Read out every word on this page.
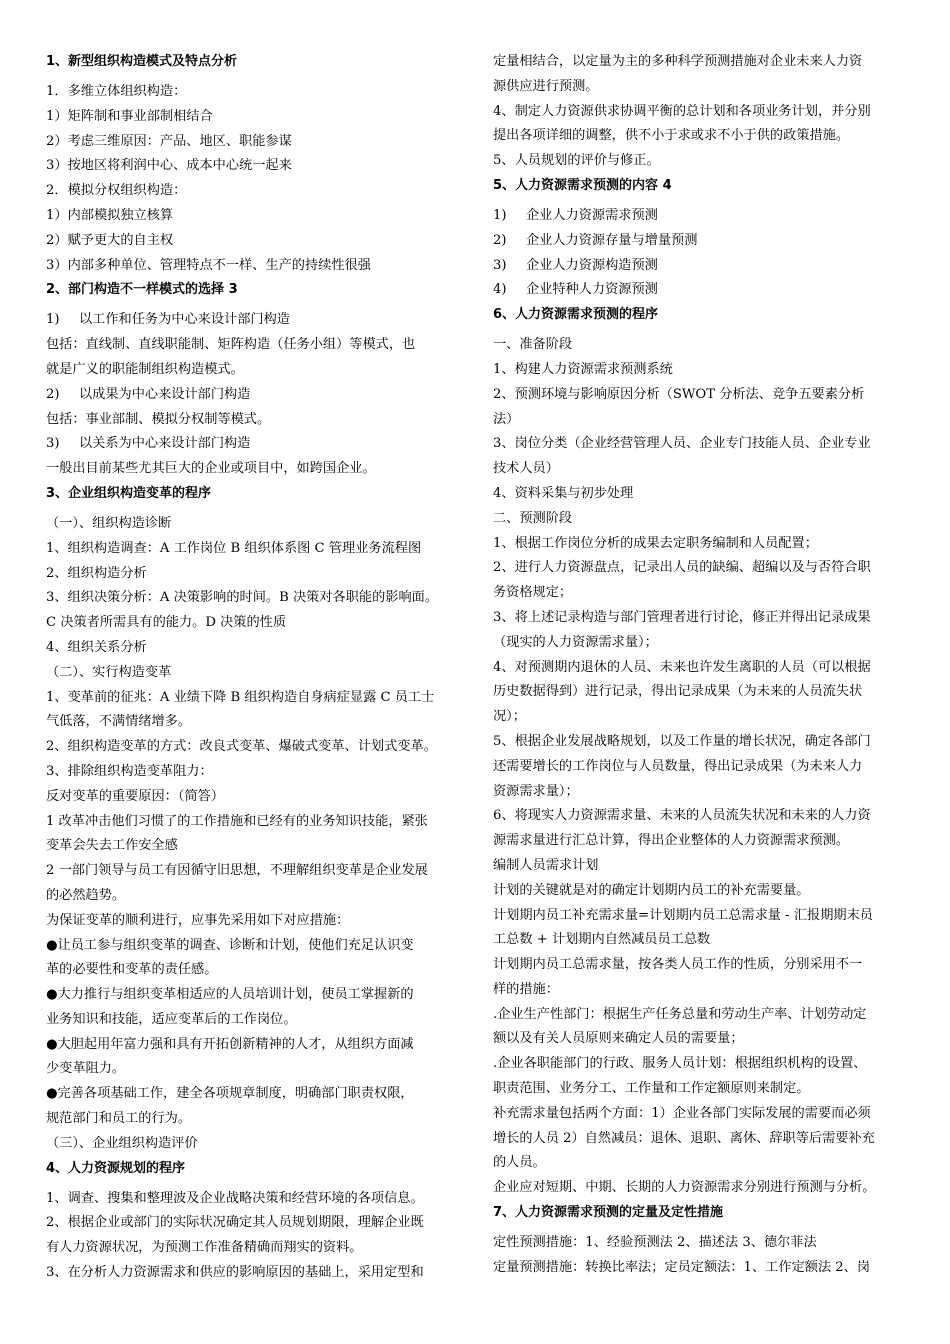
1、新型组织构造模式及特点分析
1．多维立体组织构造：
1）矩阵制和事业部制相结合
2）考虑三维原因：产品、地区、职能参谋
3）按地区将利润中心、成本中心统一起来
2．模拟分权组织构造：
1）内部模拟独立核算
2）赋予更大的自主权
3）内部多种单位、管理特点不一样、生产的持续性很强
2、部门构造不一样模式的选择 3
1)	以工作和任务为中心来设计部门构造
包括：直线制、直线职能制、矩阵构造（任务小组）等模式，也
就是广义的职能制组织构造模式。
2)	以成果为中心来设计部门构造
包括：事业部制、模拟分权制等模式。
3)	以关系为中心来设计部门构造
一般出目前某些尤其巨大的企业或项目中，如跨国企业。
3、企业组织构造变革的程序
（一）、组织构造诊断
1、组织构造调查：A 工作岗位 B 组织体系图 C 管理业务流程图
2、组织构造分析
3、组织决策分析：A 决策影响的时间。B 决策对各职能的影响面。
C 决策者所需具有的能力。D 决策的性质
4、组织关系分析
（二）、实行构造变革
1、变革前的征兆：A 业绩下降 B 组织构造自身病症显露 C 员工士
气低落，不满情绪增多。
2、组织构造变革的方式：改良式变革、爆破式变革、计划式变革。
3、排除组织构造变革阻力：
反对变革的重要原因：（简答）
1 改革冲击他们习惯了的工作措施和已经有的业务知识技能，紧张
变革会失去工作安全感
2 一部门领导与员工有因循守旧思想，不理解组织变革是企业发展
的必然趋势。
为保证变革的顺利进行，应事先采用如下对应措施：
●让员工参与组织变革的调查、诊断和计划，使他们充足认识变
革的必要性和变革的责任感。
●大力推行与组织变革相适应的人员培训计划，使员工掌握新的
业务知识和技能，适应变革后的工作岗位。
●大胆起用年富力强和具有开拓创新精神的人才，从组织方面减
少变革阻力。
●完善各项基础工作，建全各项规章制度，明确部门职责权限，
规范部门和员工的行为。
（三）、企业组织构造评价
4、人力资源规划的程序
1、调查、搜集和整理波及企业战略决策和经营环境的各项信息。
2、根据企业或部门的实际状况确定其人员规划期限，理解企业既
有人力资源状况，为预测工作准备精确而翔实的资料。
3、在分析人力资源需求和供应的影响原因的基础上，采用定型和
定量相结合，以定量为主的多种科学预测措施对企业未来人力资
源供应进行预测。
4、制定人力资源供求协调平衡的总计划和各项业务计划，并分别
提出各项详细的调整，供不小于求或求不小于供的政策措施。
5、人员规划的评价与修正。
5、人力资源需求预测的内容 4
1)	企业人力资源需求预测
2)	企业人力资源存量与增量预测
3)	企业人力资源构造预测
4)	企业特种人力资源预测
6、人力资源需求预测的程序
一、准备阶段
1、构建人力资源需求预测系统
2、预测环境与影响原因分析（SWOT 分析法、竞争五要素分析
法）
3、岗位分类（企业经营管理人员、企业专门技能人员、企业专业
技术人员）
4、资料采集与初步处理
二、预测阶段
1、根据工作岗位分析的成果去定职务编制和人员配置；
2、进行人力资源盘点，记录出人员的缺编、超编以及与否符合职
务资格规定；
3、将上述记录构造与部门管理者进行讨论，修正并得出记录成果
（现实的人力资源需求量）；
4、对预测期内退休的人员、未来也许发生离职的人员（可以根据
历史数据得到）进行记录，得出记录成果（为未来的人员流失状
况）；
5、根据企业发展战略规划，以及工作量的增长状况，确定各部门
还需要增长的工作岗位与人员数量，得出记录成果（为未来人力
资源需求量）；
6、将现实人力资源需求量、未来的人员流失状况和未来的人力资
源需求量进行汇总计算，得出企业整体的人力资源需求预测。
编制人员需求计划
计划的关键就是对的确定计划期内员工的补充需要量。
计划期内员工补充需求量=计划期内员工总需求量 - 汇报期期末员
工总数 + 计划期内自然减员员工总数
计划期内员工总需求量，按各类人员工作的性质，分别采用不一
样的措施：
.企业生产性部门：根据生产任务总量和劳动生产率、计划劳动定
额以及有关人员原则来确定人员的需要量；
.企业各职能部门的行政、服务人员计划：根据组织机构的设置、
职责范围、业务分工、工作量和工作定额原则来制定。
补充需求量包括两个方面：1）企业各部门实际发展的需要而必须
增长的人员 2）自然减员：退休、退职、离休、辞职等后需要补充
的人员。
企业应对短期、中期、长期的人力资源需求分别进行预测与分析。
7、人力资源需求预测的定量及定性措施
定性预测措施：1、经验预测法 2、描述法 3、德尔菲法
定量预测措施：转换比率法；定员定额法：1、工作定额法 2、岗
